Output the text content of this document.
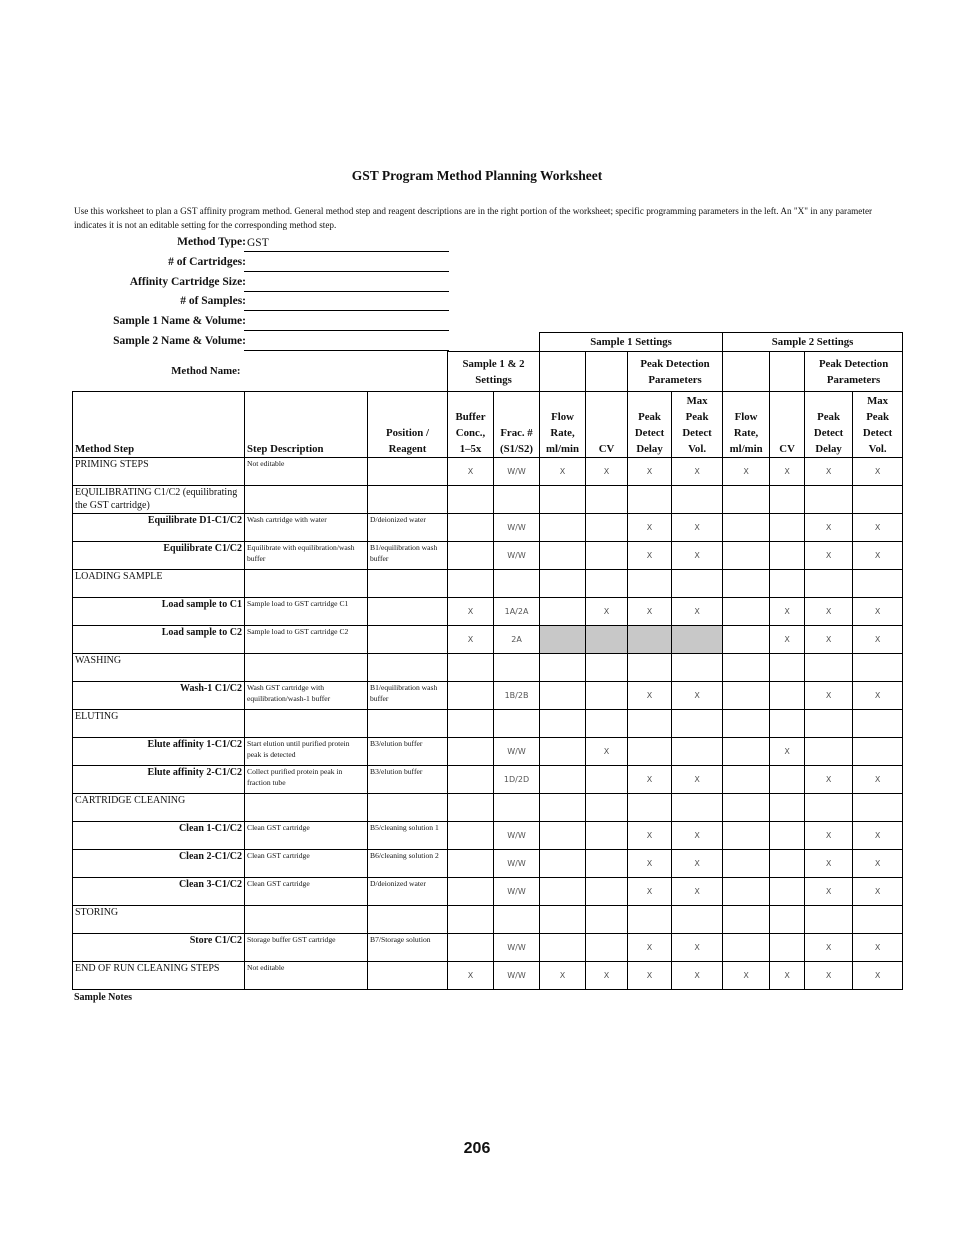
GST Program Method Planning Worksheet
Use this worksheet to plan a GST affinity program method. General method step and reagent descriptions are in the right portion of the worksheet; specific programming parameters in the left. An "X" in any parameter indicates it is not an editable setting for the corresponding method step.
Method Type: GST
# of Cartridges:
Affinity Cartridge Size:
# of Samples:
Sample 1 Name & Volume:
Sample 2 Name & Volume:
					Sample 1 Settings				Sample 2 Settings			
Method Name:			Sample 1 & 2 Settings				Peak Detection Parameters				Peak Detection Parameters	
Method Step	Step Description	Position / Reagent	Buffer Conc., 1–5x	Frac. # (S1/S2)	Flow Rate, ml/min	CV	Peak Detect Delay	Max Peak Detect Vol.	Flow Rate, ml/min	CV	Peak Detect Delay	Max Peak Detect Vol.
PRIMING STEPS	Not editable		X	W/W	X	X	X	X	X	X	X	X
EQUILIBRATING C1/C2 (equilibrating the GST cartridge)												
Equilibrate D1-C1/C2	Wash cartridge with water	D/deionized water		W/W			X	X			X	X
Equilibrate C1/C2	Equilibrate with equilibration/wash buffer	B1/equilibration wash buffer		W/W			X	X			X	X
LOADING SAMPLE												
Load sample to C1	Sample load to GST cartridge C1		X	1A/2A		X	X	X		X	X	X
Load sample to C2	Sample load to GST cartridge C2		X	2A						X	X	X
WASHING												
Wash-1 C1/C2	Wash GST cartridge with equilibration/wash-1 buffer	B1/equilibration wash buffer		1B/2B			X	X			X	X
ELUTING												
Elute affinity 1-C1/C2	Start elution until purified protein peak is detected	B3/elution buffer		W/W		X				X		
Elute affinity 2-C1/C2	Collect purified protein peak in fraction tube	B3/elution buffer		1D/2D			X	X			X	X
CARTRIDGE CLEANING												
Clean 1-C1/C2	Clean GST cartridge	B5/cleaning solution 1		W/W			X	X			X	X
Clean 2-C1/C2	Clean GST cartridge	B6/cleaning solution 2		W/W			X	X			X	X
Clean 3-C1/C2	Clean GST cartridge	D/deionized water		W/W			X	X			X	X
STORING												
Store C1/C2	Storage buffer GST cartridge	B7/Storage solution		W/W			X	X			X	X
END OF RUN CLEANING STEPS	Not editable		X	W/W	X	X	X	X	X	X	X	X
Sample Notes
206
